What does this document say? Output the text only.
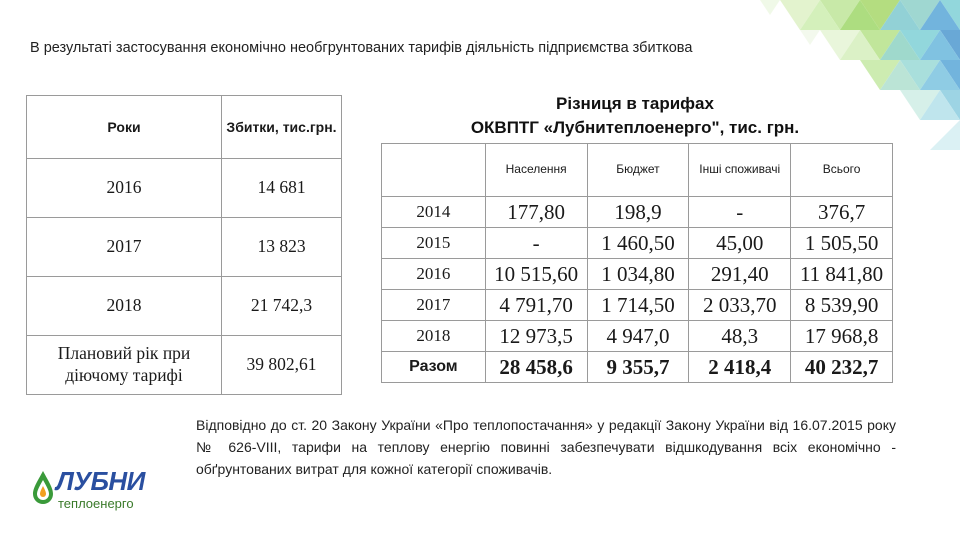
В результаті застосування економічно необгрунтованих тарифів діяльність підприємства збиткова
Роки	Збитки, тис.грн.
2016	14 681
2017	13 823
2018	21 742,3
Плановий рік при діючому тарифі	39 802,61
Різниця в тарифах
ОКВПТГ «Лубнитеплоенерго", тис. грн.
	Населення	Бюджет	Інші споживачі	Всього
2014	177,80	198,9	-	376,7
2015	-	1 460,50	45,00	1 505,50
2016	10 515,60	1 034,80	291,40	11 841,80
2017	4 791,70	1 714,50	2 033,70	8 539,90
2018	12 973,5	4 947,0	48,3	17 968,8
Разом	28 458,6	9 355,7	2 418,4	40 232,7
Відповідно до ст. 20 Закону України «Про теплопостачання» у редакції Закону України від 16.07.2015 року № 626-VIII, тарифи на теплову енергію повинні забезпечувати відшкодування всіх економічно - обґрунтованих витрат для кожної категорії споживачів.
ЛУБНИ
теплоенерго
